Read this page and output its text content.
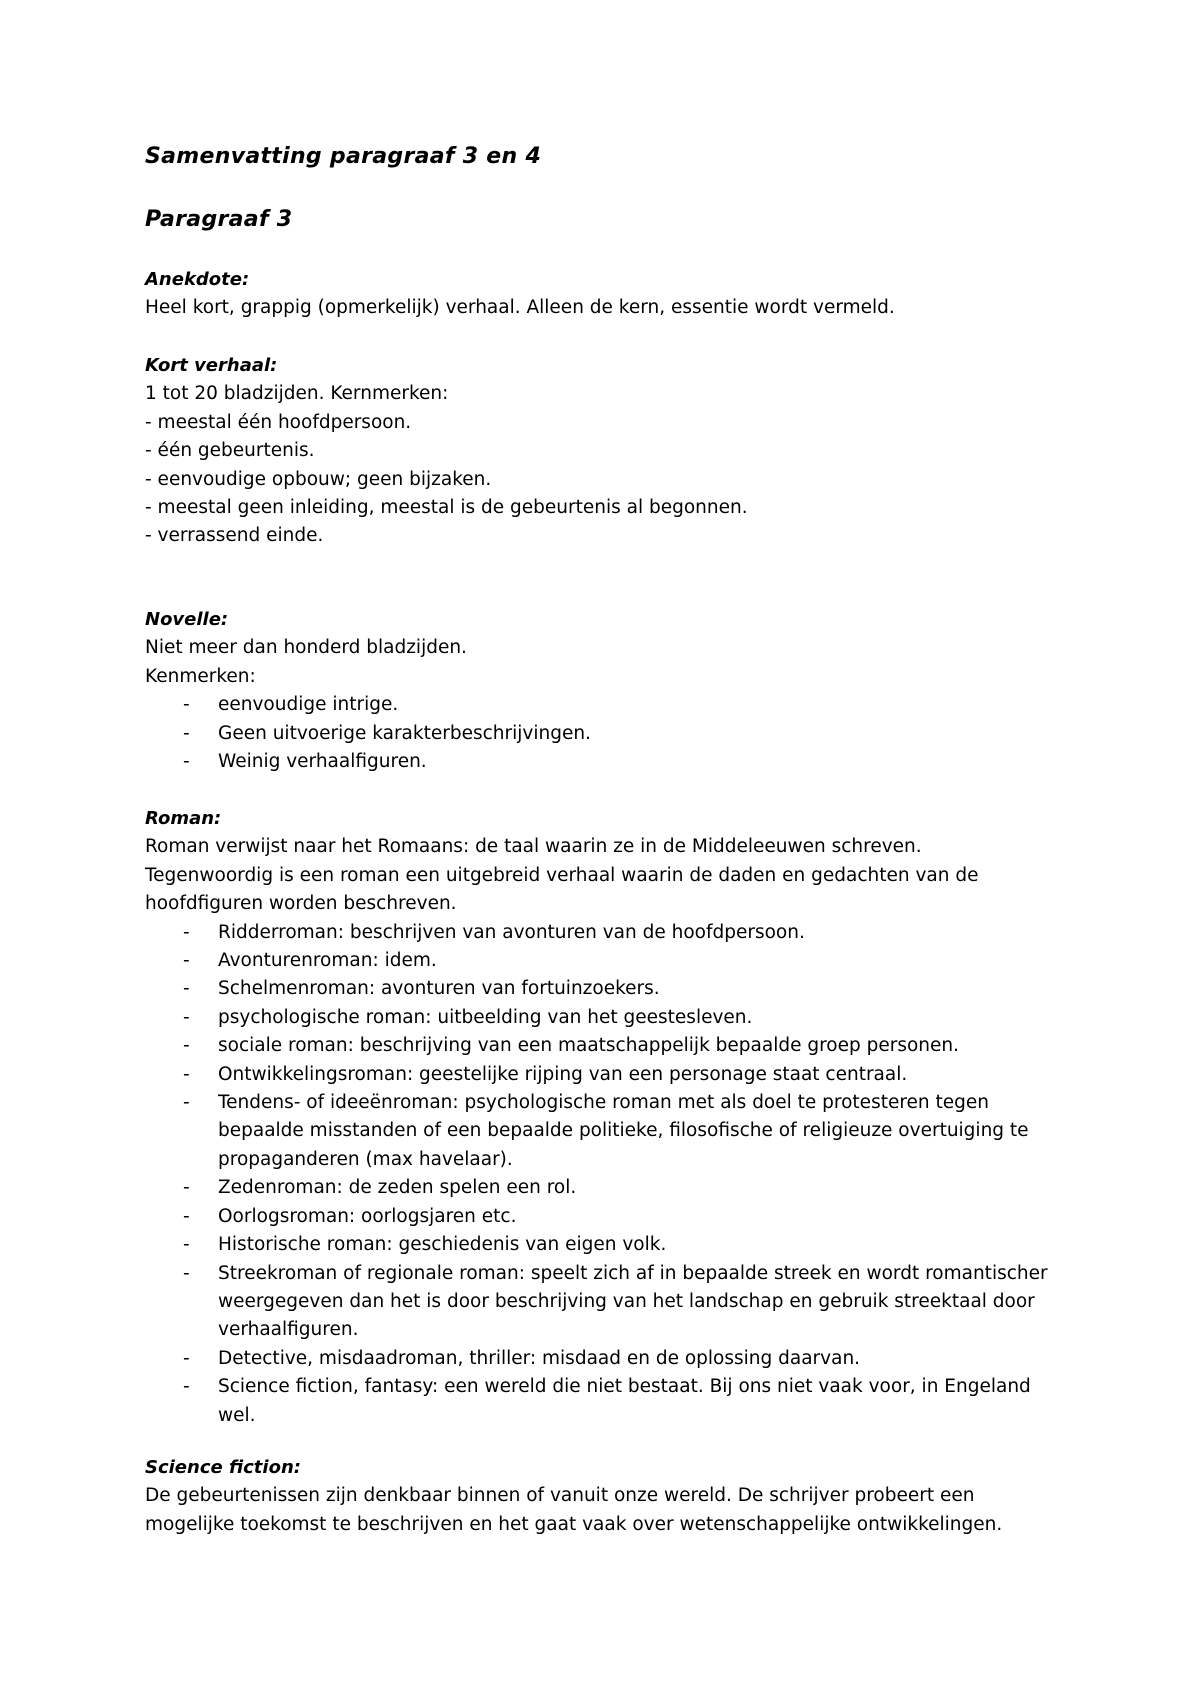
Samenvatting paragraaf 3 en 4
Paragraaf 3

Anekdote:

Heel kort, grappig (opmerkelijk) verhaal. Alleen de kern, essentie wordt vermeld.

Kort verhaal:

1 tot 20 bladzijden. Kernmerken:

- meestal één hoofdpersoon.

- één gebeurtenis.

- eenvoudige opbouw; geen bijzaken.

- meestal geen inleiding, meestal is de gebeurtenis al begonnen.

- verrassend einde.

Novelle:

Niet meer dan honderd bladzijden.

Kenmerken:

- eenvoudige intrige.
- Geen uitvoerige karakterbeschrijvingen.
- Weinig verhaalfiguren.

Roman:

Roman verwijst naar het Romaans: de taal waarin ze in de Middeleeuwen schreven.

Tegenwoordig is een roman een uitgebreid verhaal waarin de daden en gedachten van de hoofdfiguren worden beschreven.

- Ridderroman: beschrijven van avonturen van de hoofdpersoon.
- Avonturenroman: idem.
- Schelmenroman: avonturen van fortuinzoekers.
- psychologische roman: uitbeelding van het geestesleven.
- sociale roman: beschrijving van een maatschappelijk bepaalde groep personen.
- Ontwikkelingsroman: geestelijke rijping van een personage staat centraal.
- Tendens- of ideeënroman: psychologische roman met als doel te protesteren tegen bepaalde misstanden of een bepaalde politieke, filosofische of religieuze overtuiging te propaganderen (max havelaar).
- Zedenroman: de zeden spelen een rol.
- Oorlogsroman: oorlogsjaren etc.
- Historische roman: geschiedenis van eigen volk.
- Streekroman of regionale roman: speelt zich af in bepaalde streek en wordt romantischer weergegeven dan het is door beschrijving van het landschap en gebruik streektaal door verhaalfiguren.
- Detective, misdaadroman, thriller: misdaad en de oplossing daarvan.
- Science fiction, fantasy: een wereld die niet bestaat. Bij ons niet vaak voor, in Engeland wel.

Science fiction:

De gebeurtenissen zijn denkbaar binnen of vanuit onze wereld. De schrijver probeert een mogelijke toekomst te beschrijven en het gaat vaak over wetenschappelijke ontwikkelingen.
